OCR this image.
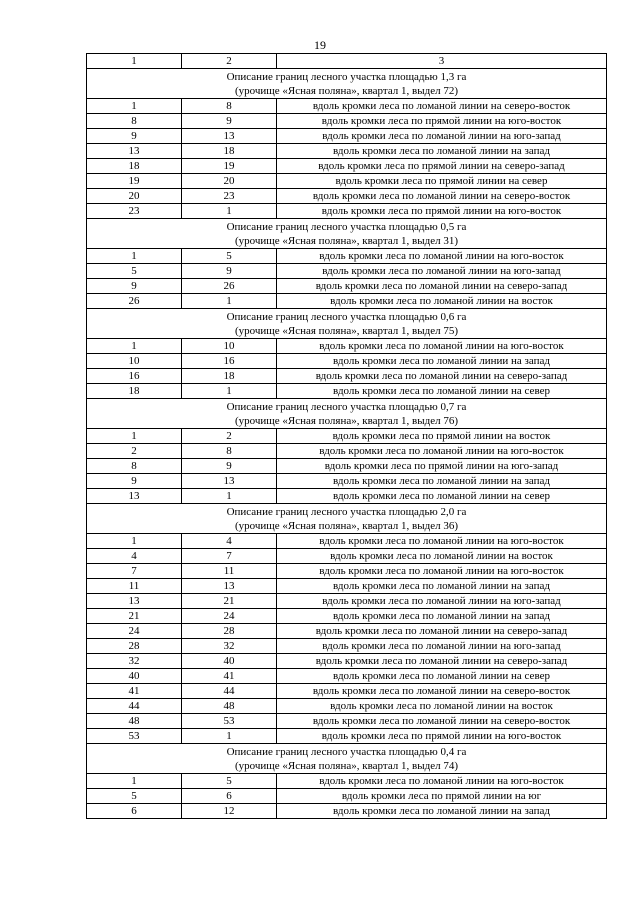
19
1	2	3

Описание границ лесного участка площадью 1,3 га
(урочище «Ясная поляна», квартал 1, выдел 72)		

1	8	вдоль кромки леса по ломаной линии на северо-восток
8	9	вдоль кромки леса по прямой линии на юго-восток
9	13	вдоль кромки леса по ломаной линии на юго-запад
13	18	вдоль кромки леса по ломаной линии на запад
18	19	вдоль кромки леса по прямой линии на северо-запад
19	20	вдоль кромки леса по прямой линии на север
20	23	вдоль кромки леса по ломаной линии на северо-восток
23	1	вдоль кромки леса по прямой линии на юго-восток

Описание границ лесного участка площадью 0,5 га
(урочище «Ясная поляна», квартал 1, выдел 31)		

1	5	вдоль кромки леса по ломаной линии на юго-восток
5	9	вдоль кромки леса по ломаной линии на юго-запад
9	26	вдоль кромки леса по ломаной линии на северо-запад
26	1	вдоль кромки леса по ломаной линии на восток

Описание границ лесного участка площадью 0,6 га
(урочище «Ясная поляна», квартал 1, выдел 75)		

1	10	вдоль кромки леса по ломаной линии на юго-восток
10	16	вдоль кромки леса по ломаной линии на запад
16	18	вдоль кромки леса по ломаной линии на северо-запад
18	1	вдоль кромки леса по ломаной линии на север

Описание границ лесного участка площадью 0,7 га
(урочище «Ясная поляна», квартал 1, выдел 76)		

1	2	вдоль кромки леса по прямой линии на восток
2	8	вдоль кромки леса по ломаной линии на юго-восток
8	9	вдоль кромки леса по прямой линии на юго-запад
9	13	вдоль кромки леса по ломаной линии на запад
13	1	вдоль кромки леса по ломаной линии на север

Описание границ лесного участка площадью 2,0 га
(урочище «Ясная поляна», квартал 1, выдел 36)		

1	4	вдоль кромки леса по ломаной линии на юго-восток
4	7	вдоль кромки леса по ломаной линии на восток
7	11	вдоль кромки леса по ломаной линии на юго-восток
11	13	вдоль кромки леса по ломаной линии на запад
13	21	вдоль кромки леса по ломаной линии на юго-запад
21	24	вдоль кромки леса по ломаной линии на запад
24	28	вдоль кромки леса по ломаной линии на северо-запад
28	32	вдоль кромки леса по ломаной линии на юго-запад
32	40	вдоль кромки леса по ломаной линии на северо-запад
40	41	вдоль кромки леса по ломаной линии на север
41	44	вдоль кромки леса по ломаной линии на северо-восток
44	48	вдоль кромки леса по ломаной линии на восток
48	53	вдоль кромки леса по ломаной линии на северо-восток
53	1	вдоль кромки леса по прямой линии на юго-восток

Описание границ лесного участка площадью 0,4 га
(урочище «Ясная поляна», квартал 1, выдел 74)		

1	5	вдоль кромки леса по ломаной линии на юго-восток
5	6	вдоль кромки леса по прямой линии на юг
6	12	вдоль кромки леса по ломаной линии на запад
